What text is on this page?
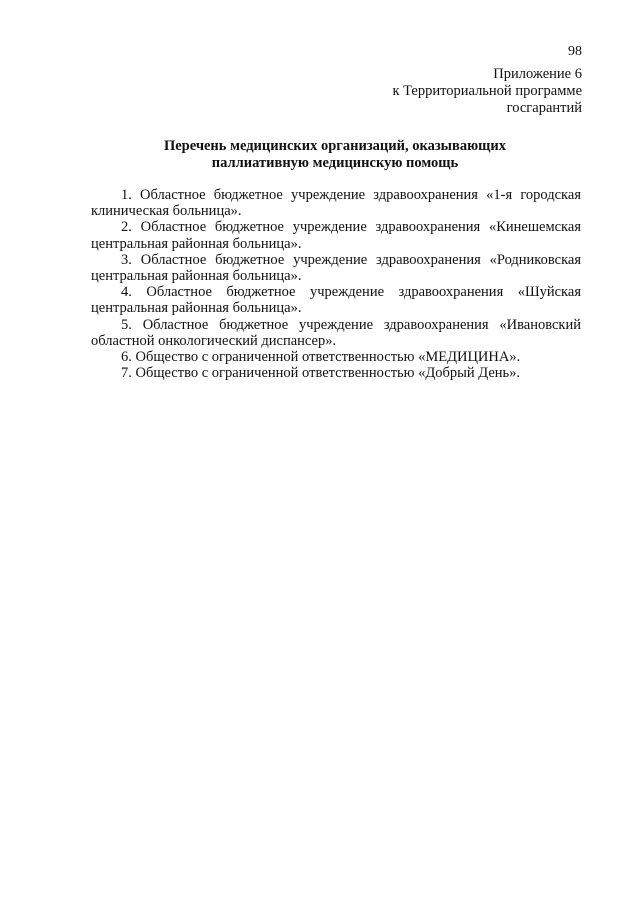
98
Приложение 6
к Территориальной программе
госгарантий
Перечень медицинских организаций, оказывающих
паллиативную медицинскую помощь
1. Областное бюджетное учреждение здравоохранения «1-я городская клиническая больница».
2. Областное бюджетное учреждение здравоохранения «Кинешемская центральная районная больница».
3. Областное бюджетное учреждение здравоохранения «Родниковская центральная районная больница».
4. Областное бюджетное учреждение здравоохранения «Шуйская центральная районная больница».
5. Областное бюджетное учреждение здравоохранения «Ивановский областной онкологический диспансер».
6. Общество с ограниченной ответственностью «МЕДИЦИНА».
7. Общество с ограниченной ответственностью «Добрый День».
